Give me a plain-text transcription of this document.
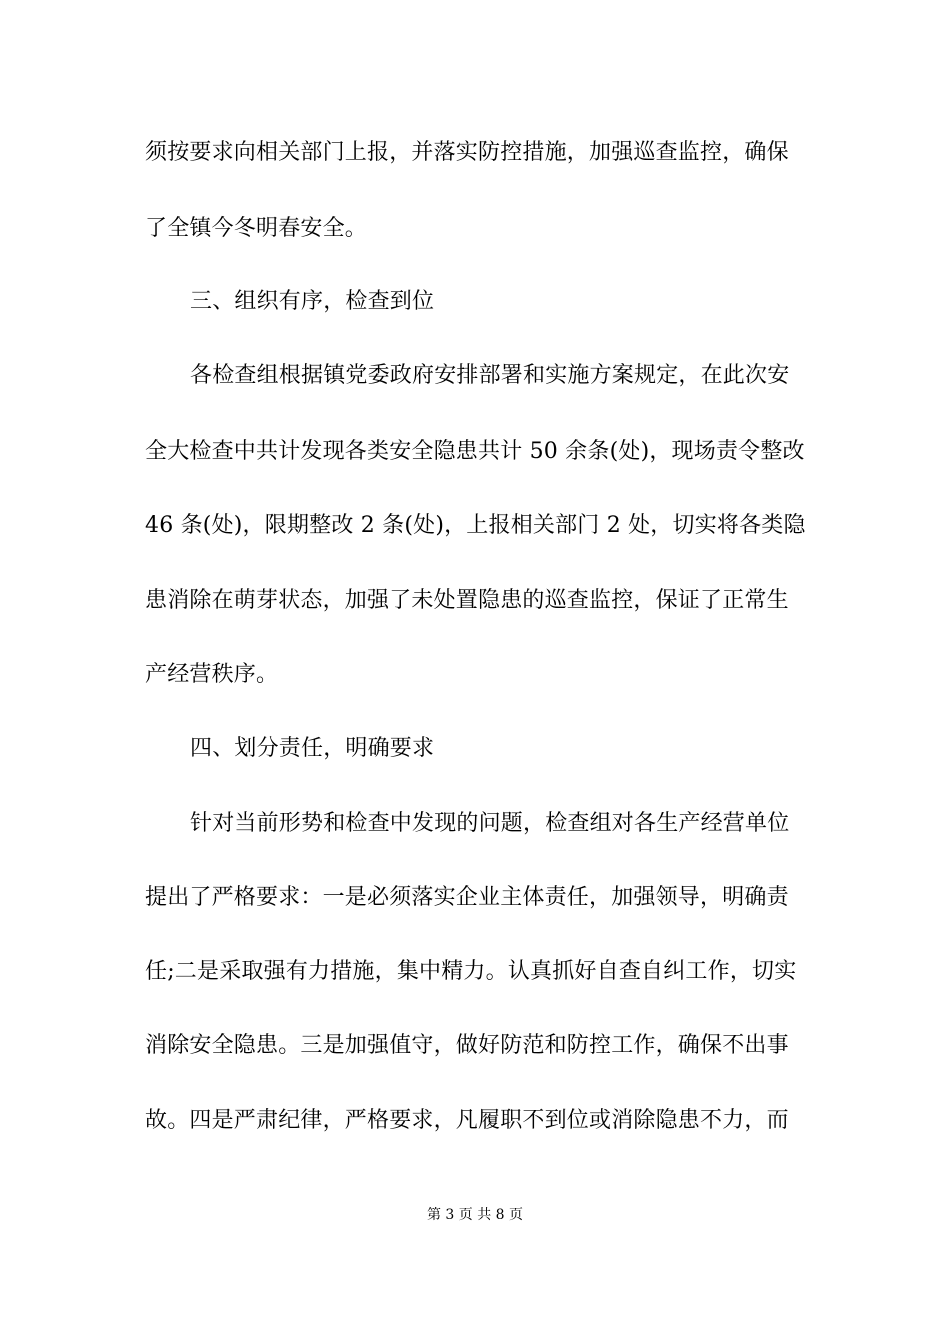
须按要求向相关部门上报，并落实防控措施，加强巡查监控，确保
了全镇今冬明春安全。
三、组织有序，检查到位
各检查组根据镇党委政府安排部署和实施方案规定，在此次安
全大检查中共计发现各类安全隐患共计 50 余条(处)，现场责令整改
46 条(处)，限期整改 2 条(处)，上报相关部门 2 处，切实将各类隐
患消除在萌芽状态，加强了未处置隐患的巡查监控，保证了正常生
产经营秩序。
四、划分责任，明确要求
针对当前形势和检查中发现的问题，检查组对各生产经营单位
提出了严格要求：一是必须落实企业主体责任，加强领导，明确责
任;二是采取强有力措施，集中精力。认真抓好自查自纠工作，切实
消除安全隐患。三是加强值守，做好防范和防控工作，确保不出事
故。四是严肃纪律，严格要求，凡履职不到位或消除隐患不力，而
第 3 页 共 8 页
